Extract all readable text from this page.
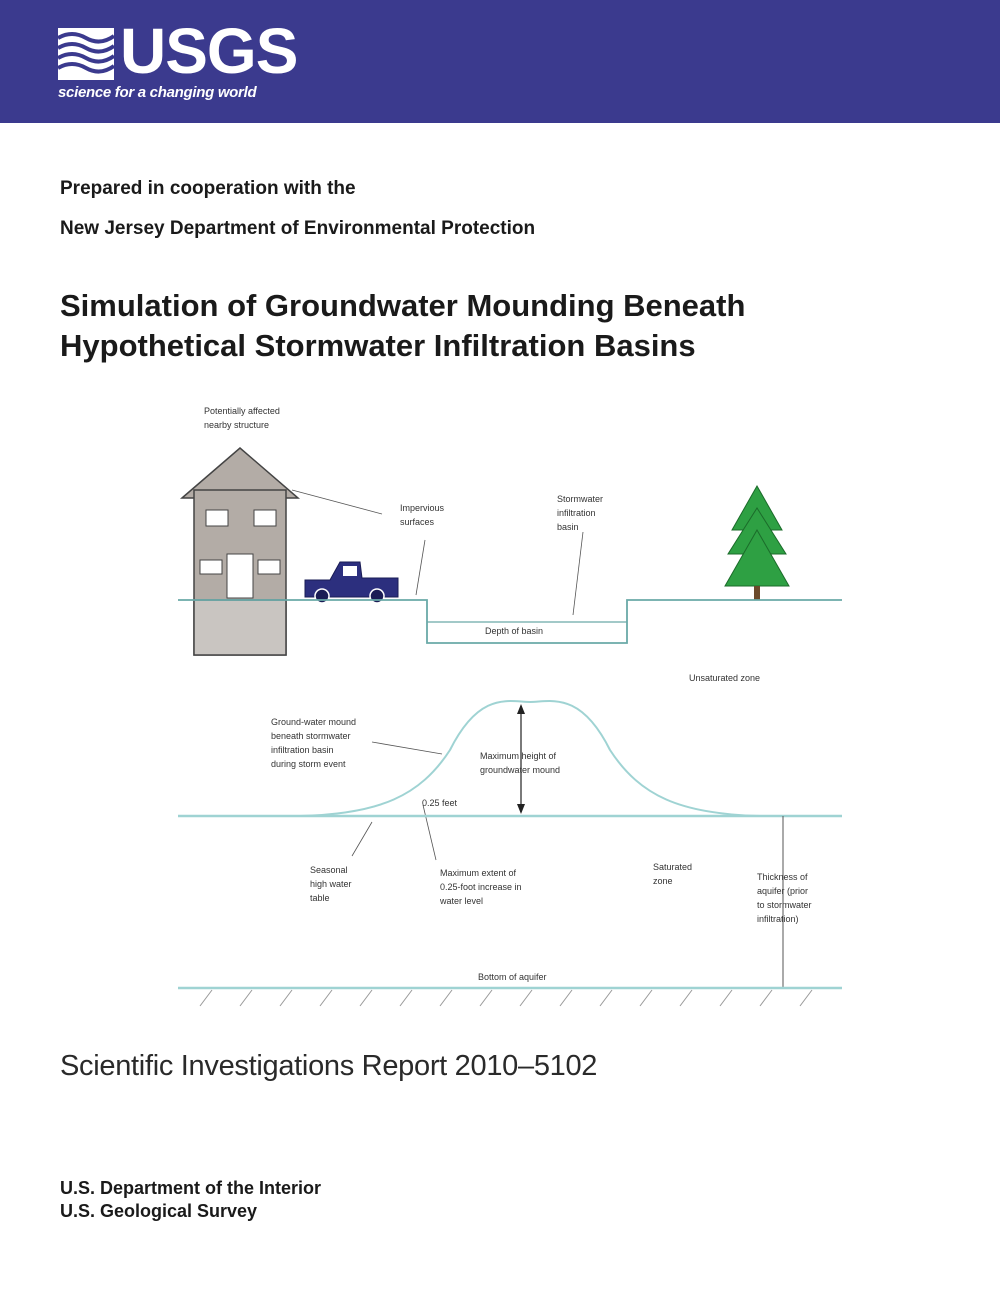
USGS
science for a changing world
Prepared in cooperation with the
New Jersey Department of Environmental Protection
Simulation of Groundwater Mounding Beneath
Hypothetical Stormwater Infiltration Basins
Potentially affected
nearby structure
Impervious
surfaces
Stormwater
infiltration
basin
Depth of basin
Unsaturated zone
Ground-water mound
beneath stormwater
infiltration basin
during storm event
Maximum height of
groundwater mound
0.25 feet
Seasonal
high water
table
Maximum extent of
0.25-foot increase in
water level
Saturated
zone	Thickness of
aquifer (prior
to stormwater
infiltration)
Bottom of aquifer
Scientific Investigations Report 2010–5102
U.S. Department of the Interior
U.S. Geological Survey
